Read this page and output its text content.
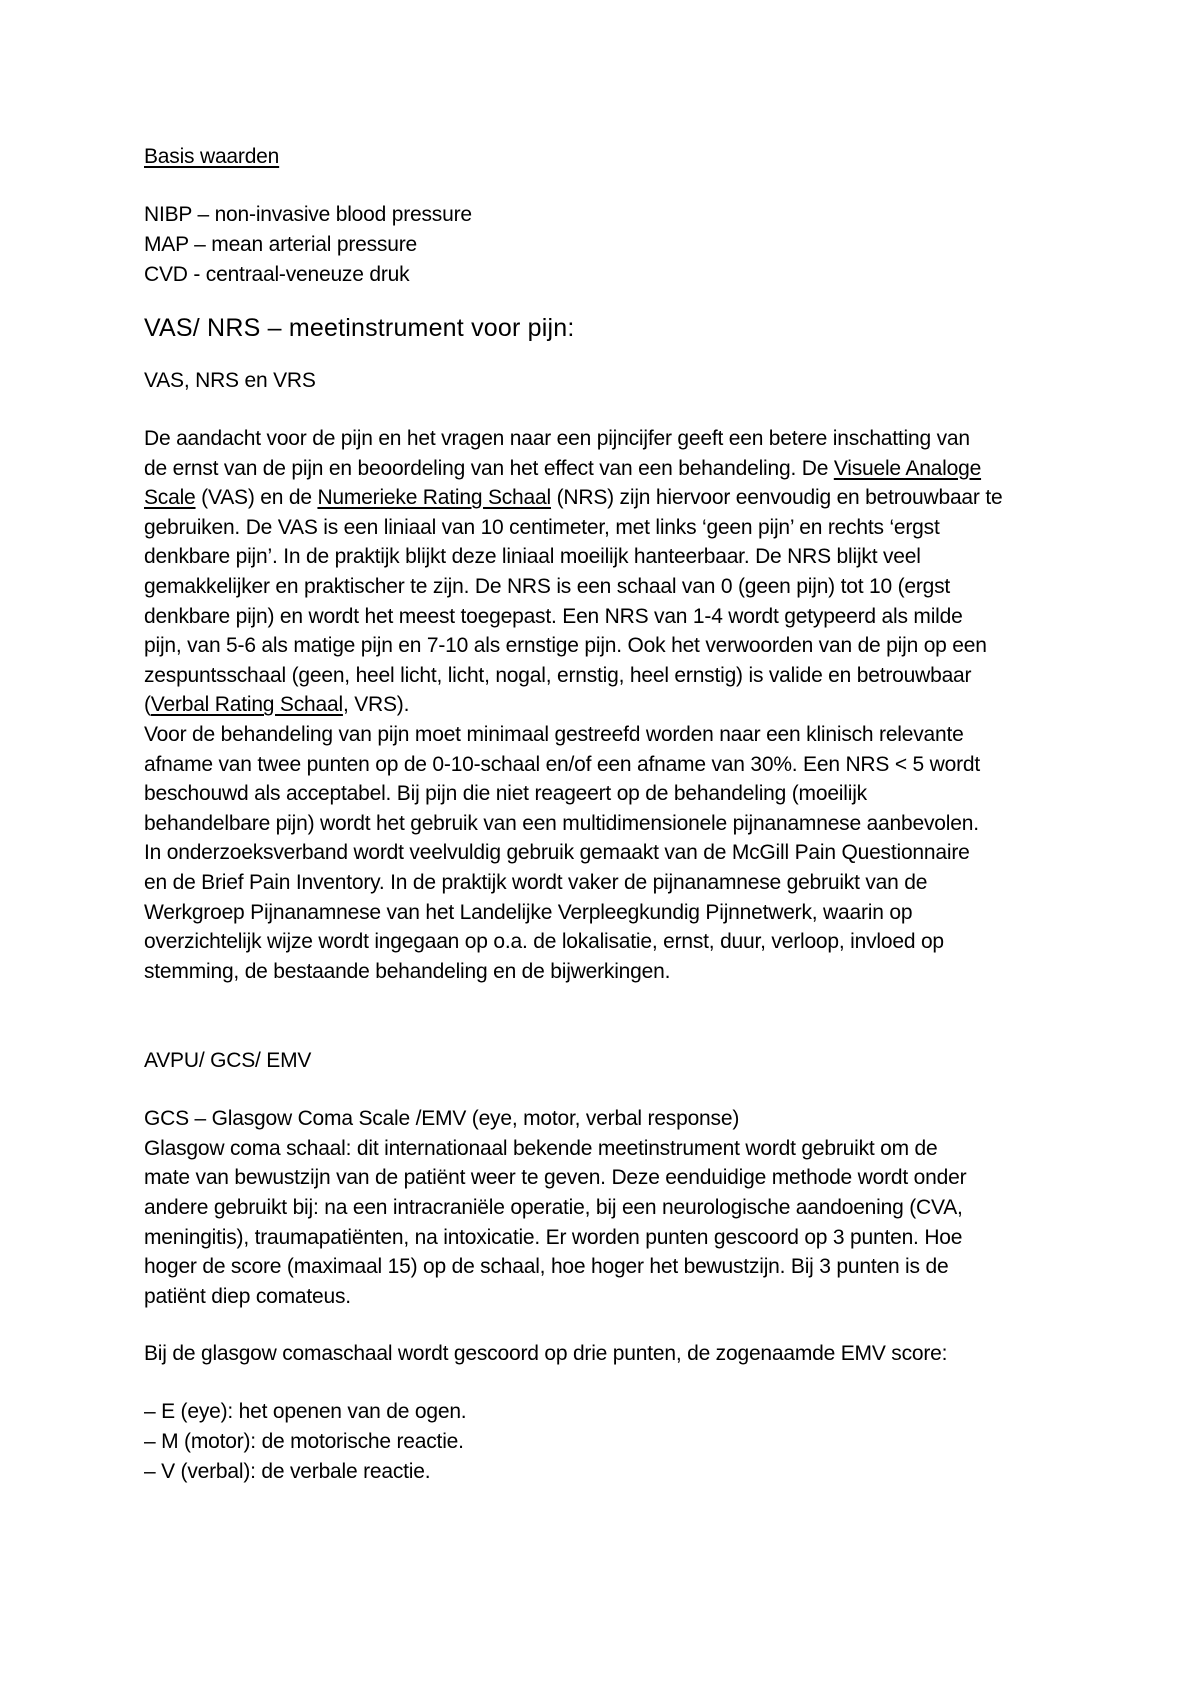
Basis waarden
NIBP – non-invasive blood pressure
MAP – mean arterial pressure
CVD - centraal-veneuze druk
VAS/ NRS – meetinstrument voor pijn:
VAS, NRS en VRS
De aandacht voor de pijn en het vragen naar een pijncijfer geeft een betere inschatting van
de ernst van de pijn en beoordeling van het effect van een behandeling. De Visuele Analoge
Scale (VAS) en de Numerieke Rating Schaal (NRS) zijn hiervoor eenvoudig en betrouwbaar te
gebruiken. De VAS is een liniaal van 10 centimeter, met links ‘geen pijn’ en rechts ‘ergst
denkbare pijn’. In de praktijk blijkt deze liniaal moeilijk hanteerbaar. De NRS blijkt veel
gemakkelijker en praktischer te zijn. De NRS is een schaal van 0 (geen pijn) tot 10 (ergst
denkbare pijn) en wordt het meest toegepast. Een NRS van 1-4 wordt getypeerd als milde
pijn, van 5-6 als matige pijn en 7-10 als ernstige pijn. Ook het verwoorden van de pijn op een
zespuntsschaal (geen, heel licht, licht, nogal, ernstig, heel ernstig) is valide en betrouwbaar
(Verbal Rating Schaal, VRS).
Voor de behandeling van pijn moet minimaal gestreefd worden naar een klinisch relevante
afname van twee punten op de 0-10-schaal en/of een afname van 30%. Een NRS < 5 wordt
beschouwd als acceptabel. Bij pijn die niet reageert op de behandeling (moeilijk
behandelbare pijn) wordt het gebruik van een multidimensionele pijnanamnese aanbevolen.
In onderzoeksverband wordt veelvuldig gebruik gemaakt van de McGill Pain Questionnaire
en de Brief Pain Inventory. In de praktijk wordt vaker de pijnanamnese gebruikt van de
Werkgroep Pijnanamnese van het Landelijke Verpleegkundig Pijnnetwerk, waarin op
overzichtelijk wijze wordt ingegaan op o.a. de lokalisatie, ernst, duur, verloop, invloed op
stemming, de bestaande behandeling en de bijwerkingen.
AVPU/ GCS/ EMV
GCS – Glasgow Coma Scale /EMV (eye, motor, verbal response)
Glasgow coma schaal: dit internationaal bekende meetinstrument wordt gebruikt om de
mate van bewustzijn van de patiënt weer te geven. Deze eenduidige methode wordt onder
andere gebruikt bij: na een intracraniële operatie, bij een neurologische aandoening (CVA,
meningitis), traumapatiënten, na intoxicatie. Er worden punten gescoord op 3 punten. Hoe
hoger de score (maximaal 15) op de schaal, hoe hoger het bewustzijn. Bij 3 punten is de
patiënt diep comateus.
Bij de glasgow comaschaal wordt gescoord op drie punten, de zogenaamde EMV score:
– E (eye): het openen van de ogen.
– M (motor): de motorische reactie.
– V (verbal): de verbale reactie.
